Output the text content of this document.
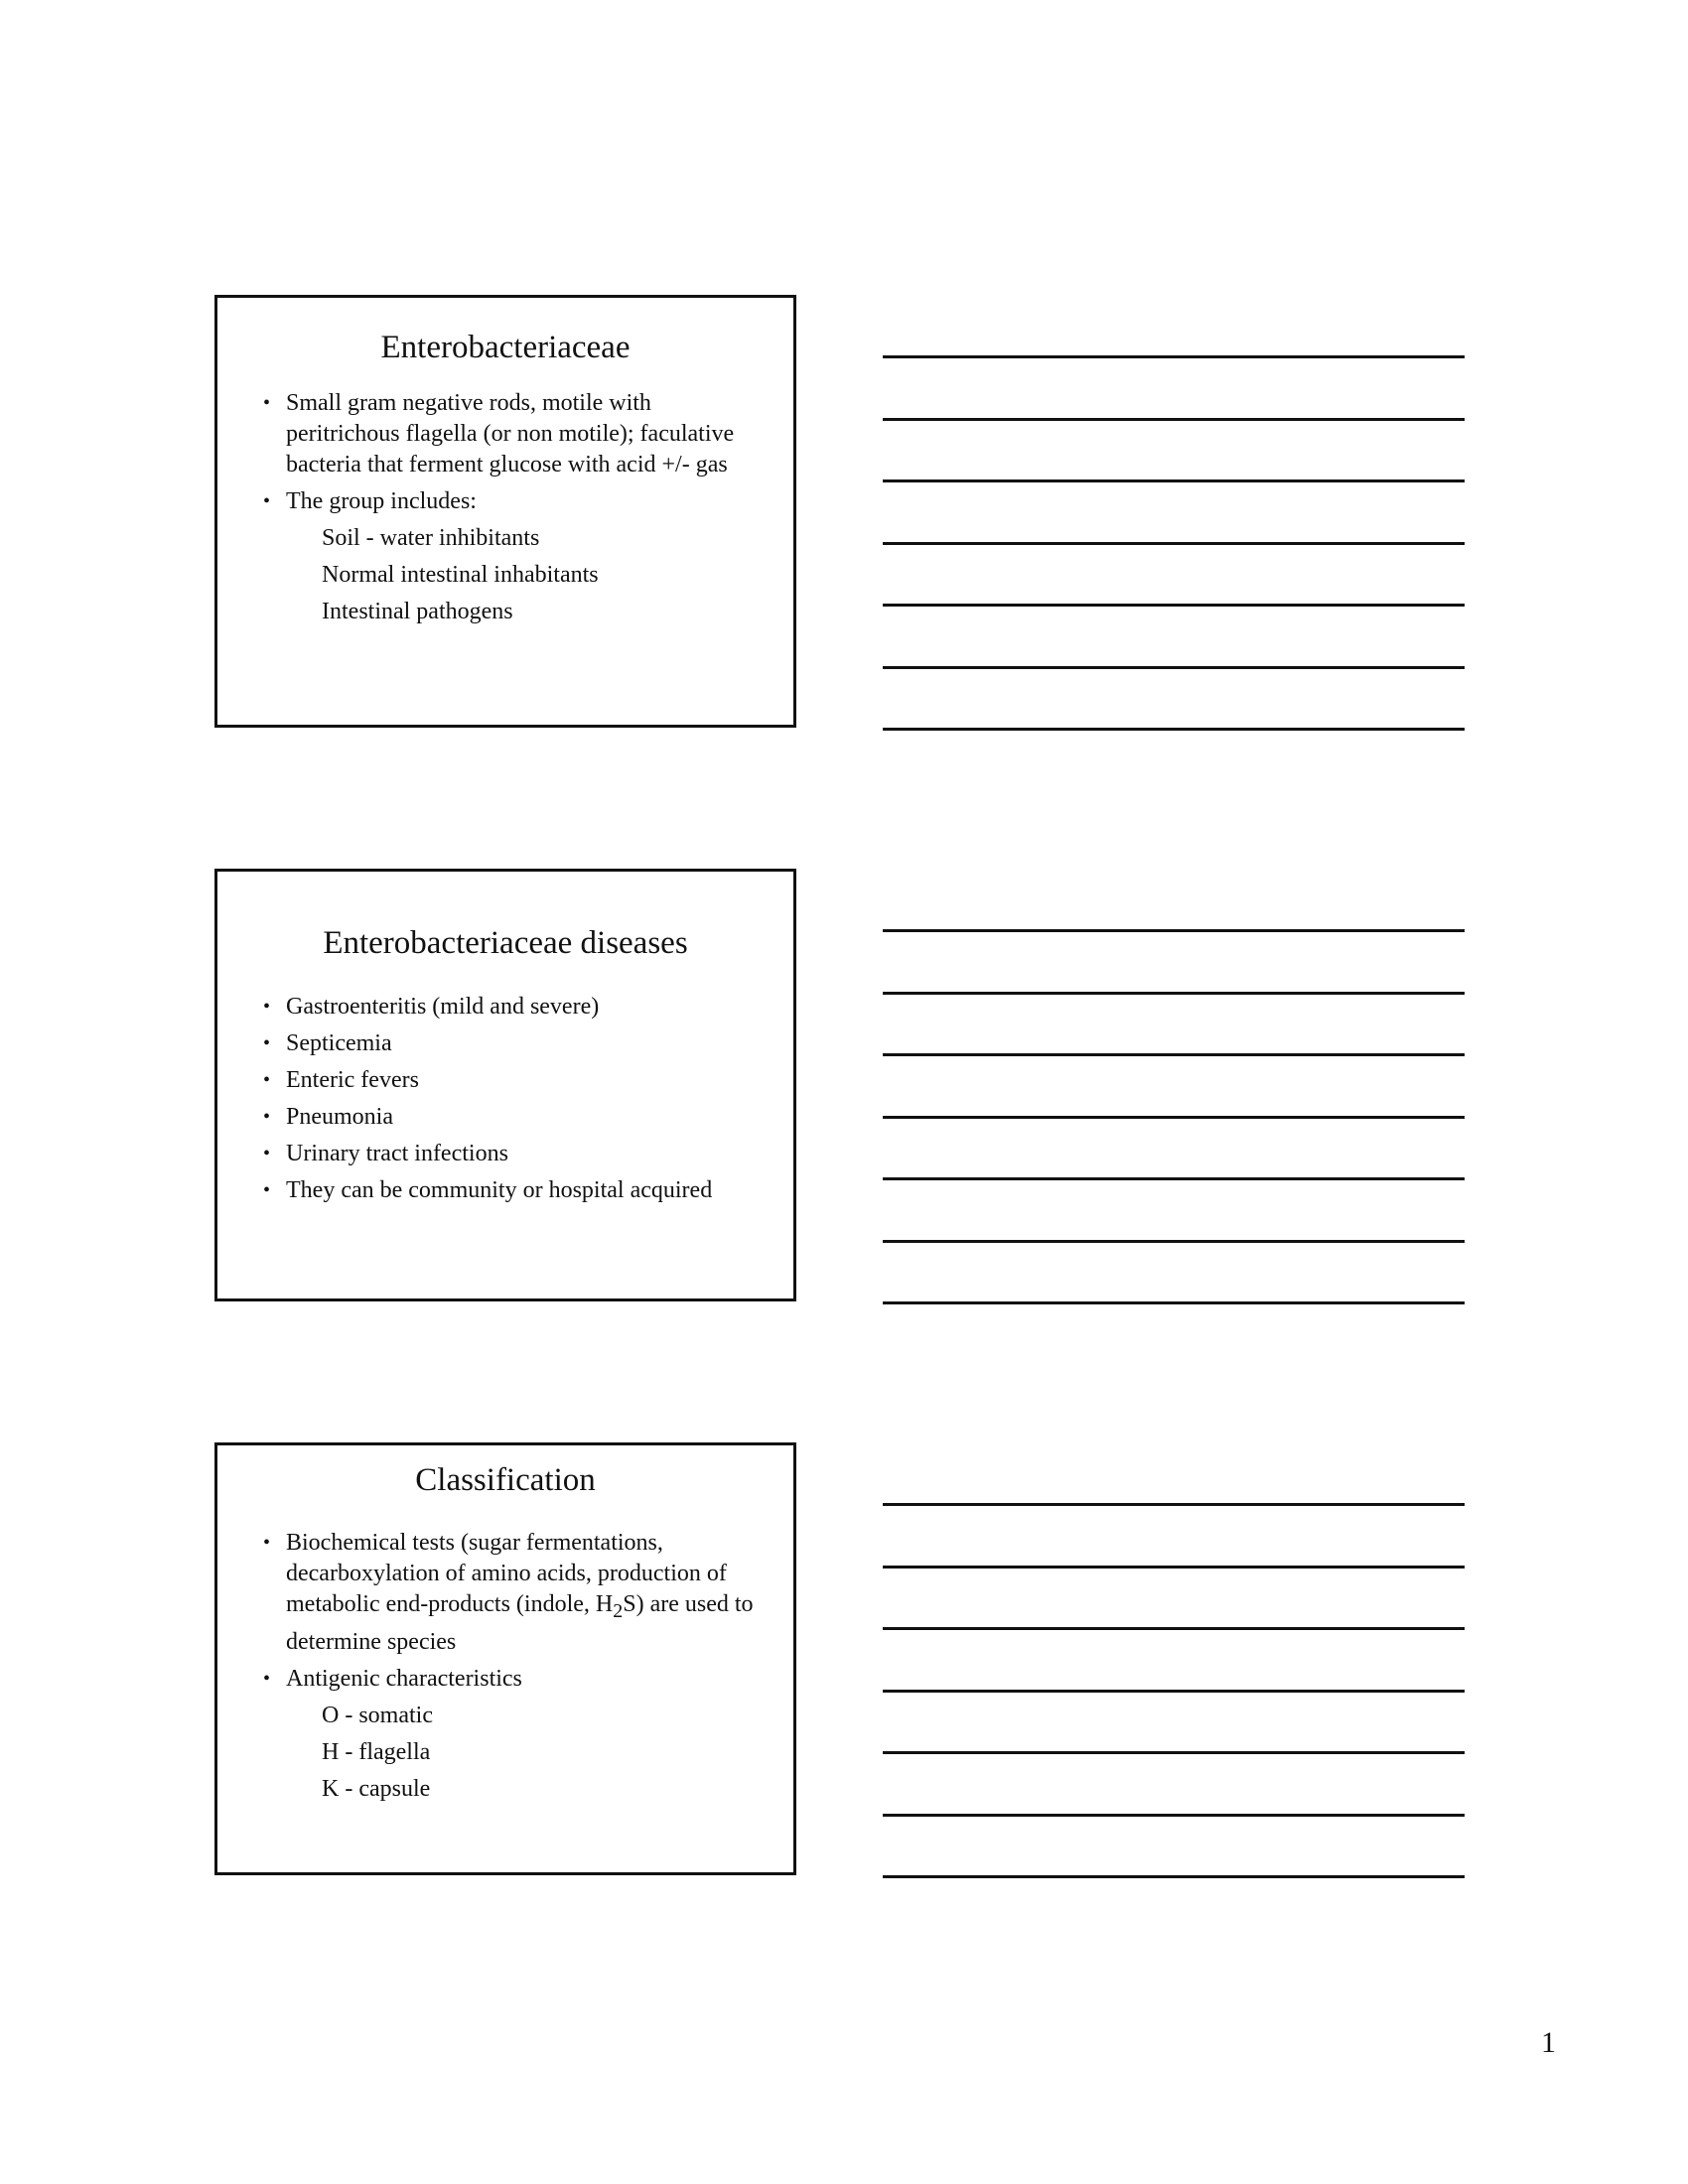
Enterobacteriaceae
• Small gram negative rods, motile with peritrichous flagella (or non motile); faculative bacteria that ferment glucose with acid +/- gas
• The group includes:
Soil - water inhibitants
Normal intestinal inhabitants
Intestinal pathogens
Enterobacteriaceae diseases
• Gastroenteritis (mild and severe)
• Septicemia
• Enteric fevers
• Pneumonia
• Urinary tract infections
• They can be community or hospital acquired
Classification
• Biochemical tests (sugar fermentations, decarboxylation of amino acids, production of metabolic end-products (indole, $H_2S$) are used to determine species
• Antigenic characteristics
O - somatic
H - flagella
K - capsule
1
